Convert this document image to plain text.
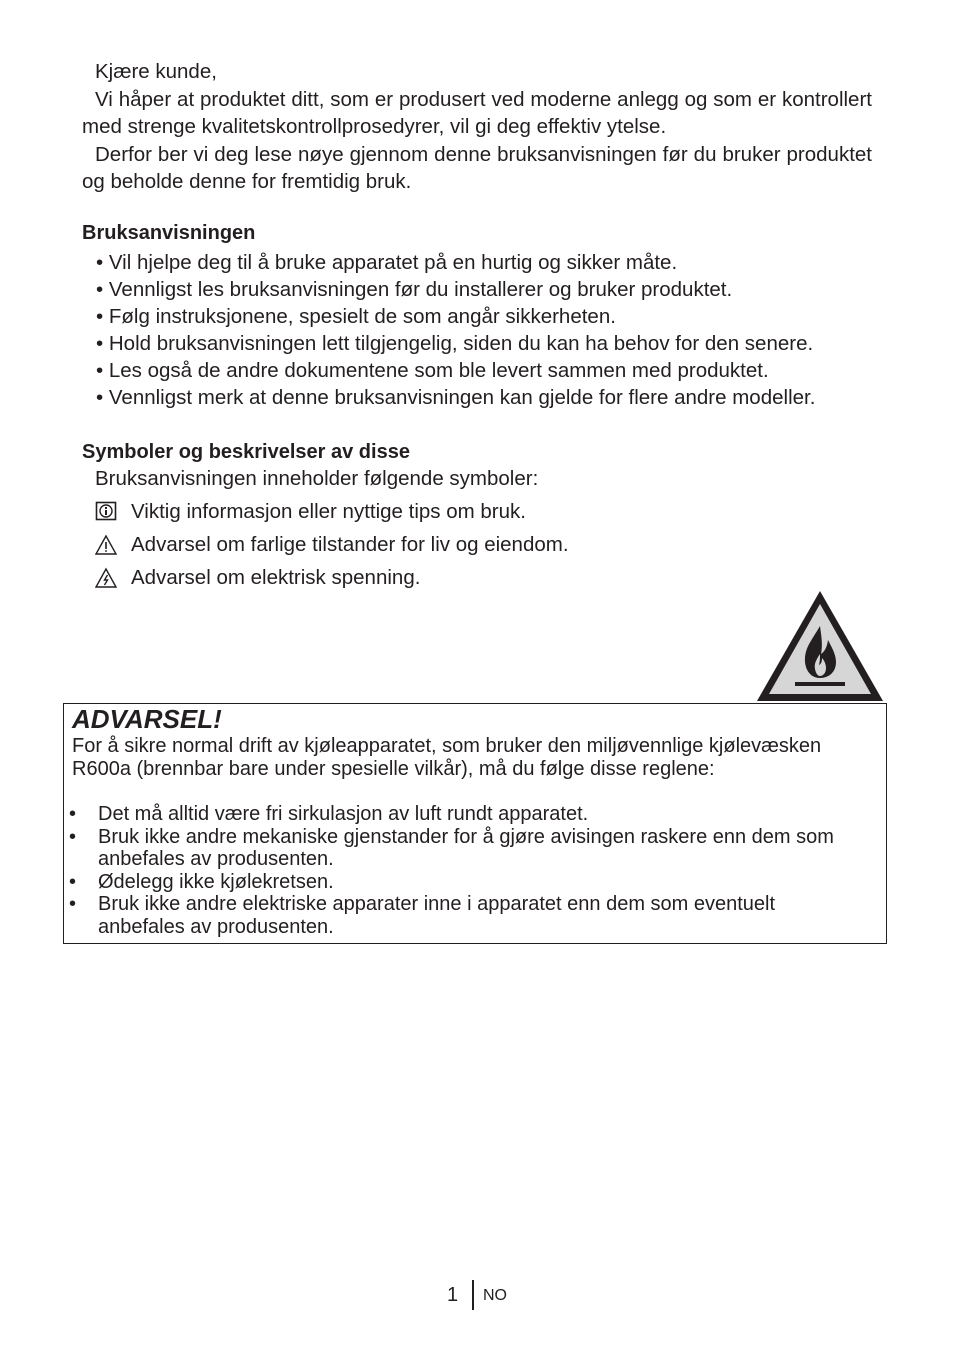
Kjære kunde,

Vi håper at produktet ditt, som er produsert ved moderne anlegg og som er kontrollert med strenge kvalitetskontrollprosedyrer, vil gi deg effektiv ytelse.

Derfor ber vi deg lese nøye gjennom denne bruksanvisningen før du bruker produktet og beholde denne for fremtidig bruk.

Bruksanvisningen
• Vil hjelpe deg til å bruke apparatet på en hurtig og sikker måte.
• Vennligst les bruksanvisningen før du installerer og bruker produktet.
• Følg instruksjonene, spesielt de som angår sikkerheten.
• Hold bruksanvisningen lett tilgjengelig, siden du kan ha behov for den senere.
• Les også de andre dokumentene som ble levert sammen med produktet.
• Vennligst merk at denne bruksanvisningen kan gjelde for flere andre modeller.
Symboler og beskrivelser av disse
Bruksanvisningen inneholder følgende symboler:
Viktig informasjon eller nyttige tips om bruk.
Advarsel om farlige tilstander for liv og eiendom.
Advarsel om elektrisk spenning.
ADVARSEL!
For å sikre normal drift av kjøleapparatet, som bruker den miljøvennlige kjølevæsken R600a (brennbar bare under spesielle vilkår), må du følge disse reglene:
• Det må alltid være fri sirkulasjon av luft rundt apparatet.
• Bruk ikke andre mekaniske gjenstander for å gjøre avisingen raskere enn dem som anbefales av produsenten.
• Ødelegg ikke kjølekretsen.
• Bruk ikke andre elektriske apparater inne i apparatet enn dem som eventuelt anbefales av produsenten.
1 NO
